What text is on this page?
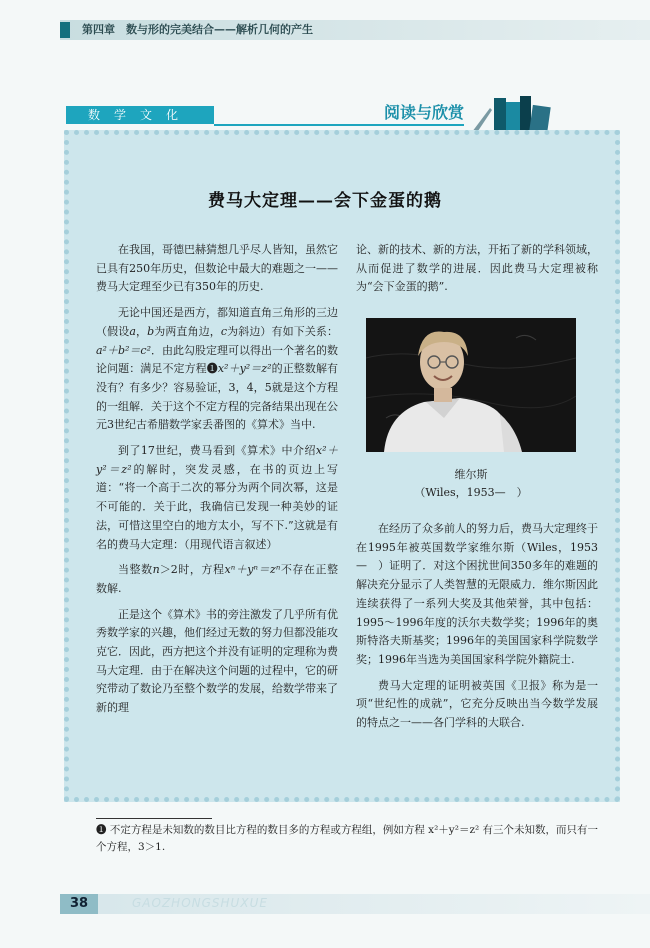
第四章　数与形的完美结合——解析几何的产生
数学文化	阅读与欣赏
费马大定理——会下金蛋的鹅

在我国，哥德巴赫猜想几乎尽人皆知，虽然它已具有250年历史，但数论中最大的难题之一——费马大定理至少已有350年的历史.

无论中国还是西方，都知道直角三角形的三边（假设a，b为两直角边，c为斜边）有如下关系：a²＋b²＝c²．由此勾股定理可以得出一个著名的数论问题：满足不定方程❶x²＋y²＝z²的正整数解有没有？有多少？容易验证，3，4，5就是这个方程的一组解．关于这个不定方程的完备结果出现在公元3世纪古希腊数学家丢番图的《算术》当中.

到了17世纪，费马看到《算术》中介绍x²＋y²＝z²的解时，突发灵感，在书的页边上写道：“将一个高于二次的幂分为两个同次幂，这是不可能的．关于此，我确信已发现一种美妙的证法，可惜这里空白的地方太小，写不下.”这就是有名的费马大定理：（用现代语言叙述）

当整数n＞2时，方程xⁿ＋yⁿ＝zⁿ不存在正整数解.

正是这个《算术》书的旁注激发了几乎所有优秀数学家的兴趣，他们经过无数的努力但都没能攻克它．因此，西方把这个并没有证明的定理称为费马大定理．由于在解决这个问题的过程中，它的研究带动了数论乃至整个数学的发展，给数学带来了新的理

论、新的技术、新的方法，开拓了新的学科领域，从而促进了数学的进展．因此费马大定理被称为“会下金蛋的鹅”.

维尔斯
（Wiles，1953—　）

在经历了众多前人的努力后，费马大定理终于在1995年被英国数学家维尔斯（Wiles，1953—　）证明了．对这个困扰世间350多年的难题的解决充分显示了人类智慧的无限威力．维尔斯因此连续获得了一系列大奖及其他荣誉，其中包括：1995～1996年度的沃尔夫数学奖；1996年的奥斯特洛夫斯基奖；1996年的美国国家科学院数学奖；1996年当选为美国国家科学院外籍院士.

费马大定理的证明被英国《卫报》称为是一项“世纪性的成就”，它充分反映出当今数学发展的特点之一——各门学科的大联合.

❶ 不定方程是未知数的数目比方程的数目多的方程或方程组，例如方程 x²＋y²＝z² 有三个未知数，而只有一个方程，3＞1.
38	GAOZHONGSHUXUE
